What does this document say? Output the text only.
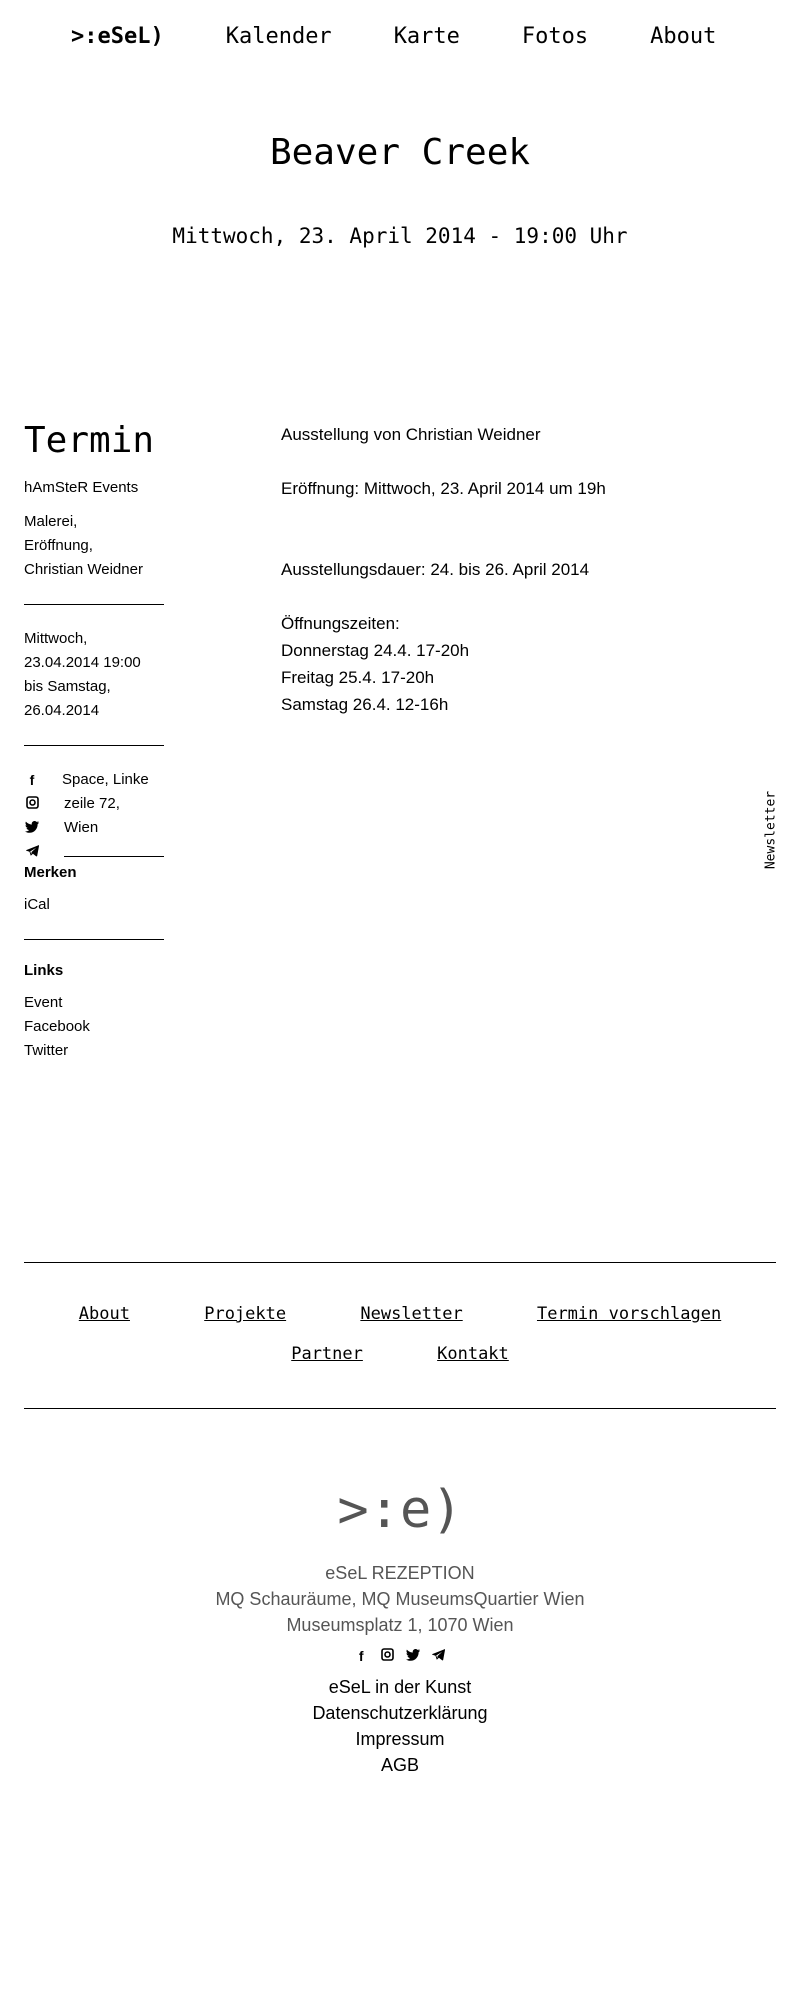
>:eSeL)	Kalender	Karte	Fotos	About
Beaver Creek
Mittwoch, 23. April 2014 - 19:00 Uhr
Termin
hAmSteR Events
Malerei,
Eröffnung,
Christian Weidner
Mittwoch,
23.04.2014 19:00
bis Samstag,
26.04.2014
f	Space, Linke
zeile 72,
Wien
Merken
iCal
Links
Event
Facebook
Twitter

Ausstellung von Christian Weidner

Eröffnung: Mittwoch, 23. April 2014 um 19h

Ausstellungsdauer: 24. bis 26. April 2014

Öffnungszeiten:

Donnerstag 24.4. 17-20h

Freitag 25.4. 17-20h

Samstag 26.4. 12-16h

Newsletter
About	Projekte	Newsletter	Termin vorschlagen
Partner	Kontakt
>:e)
eSeL REZEPTION
MQ Schauräume, MQ MuseumsQuartier Wien
Museumsplatz 1, 1070 Wien
f
eSeL in der Kunst
Datenschutzerklärung
Impressum
AGB
